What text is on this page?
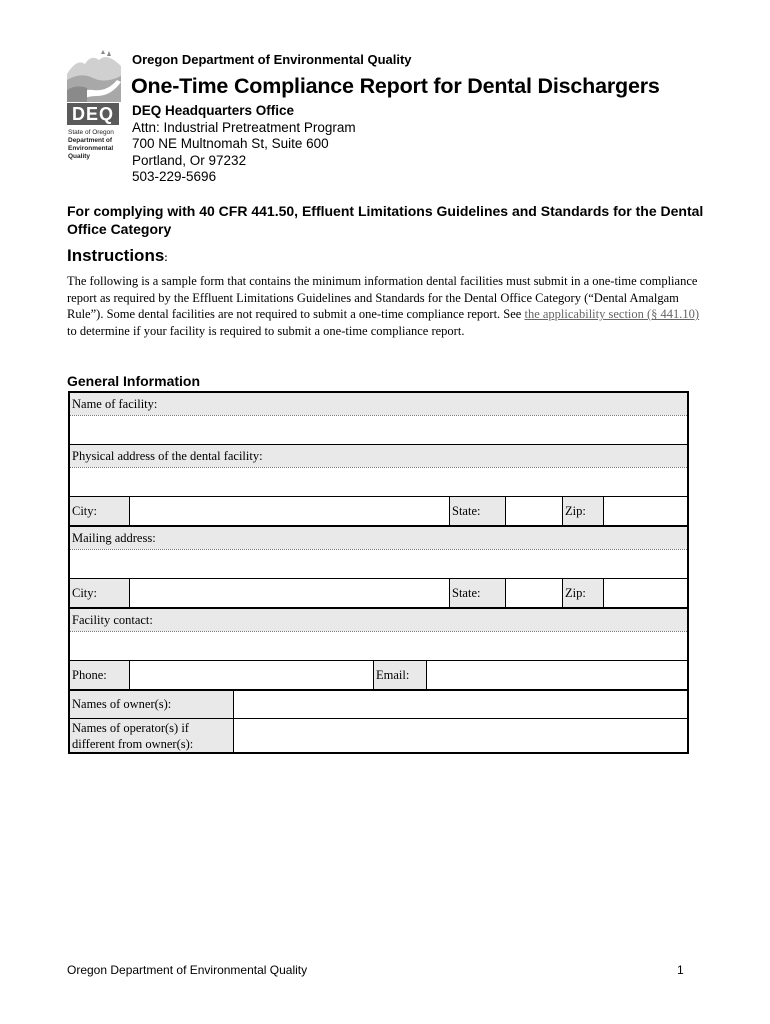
DEQ
State of Oregon
Department of
Environmental
Quality
Oregon Department of Environmental Quality
One-Time Compliance Report for Dental Dischargers
DEQ Headquarters Office
Attn: Industrial Pretreatment Program
700 NE Multnomah St, Suite 600
Portland, Or 97232
503-229-5696
For complying with 40 CFR 441.50, Effluent Limitations Guidelines and Standards for the Dental Office Category
Instructions:
The following is a sample form that contains the minimum information dental facilities must submit in a one-time compliance report as required by the Effluent Limitations Guidelines and Standards for the Dental Office Category (“Dental Amalgam Rule”). Some dental facilities are not required to submit a one-time compliance report. See the applicability section (§ 441.10) to determine if your facility is required to submit a one-time compliance report.
General Information
Name of facility:
Physical address of the dental facility:
City:	State:	Zip:
Mailing address:
City:	State:	Zip:
Facility contact:
Phone:	Email:
Names of owner(s):
Names of operator(s) if
different from owner(s):
Oregon Department of Environmental Quality	1
